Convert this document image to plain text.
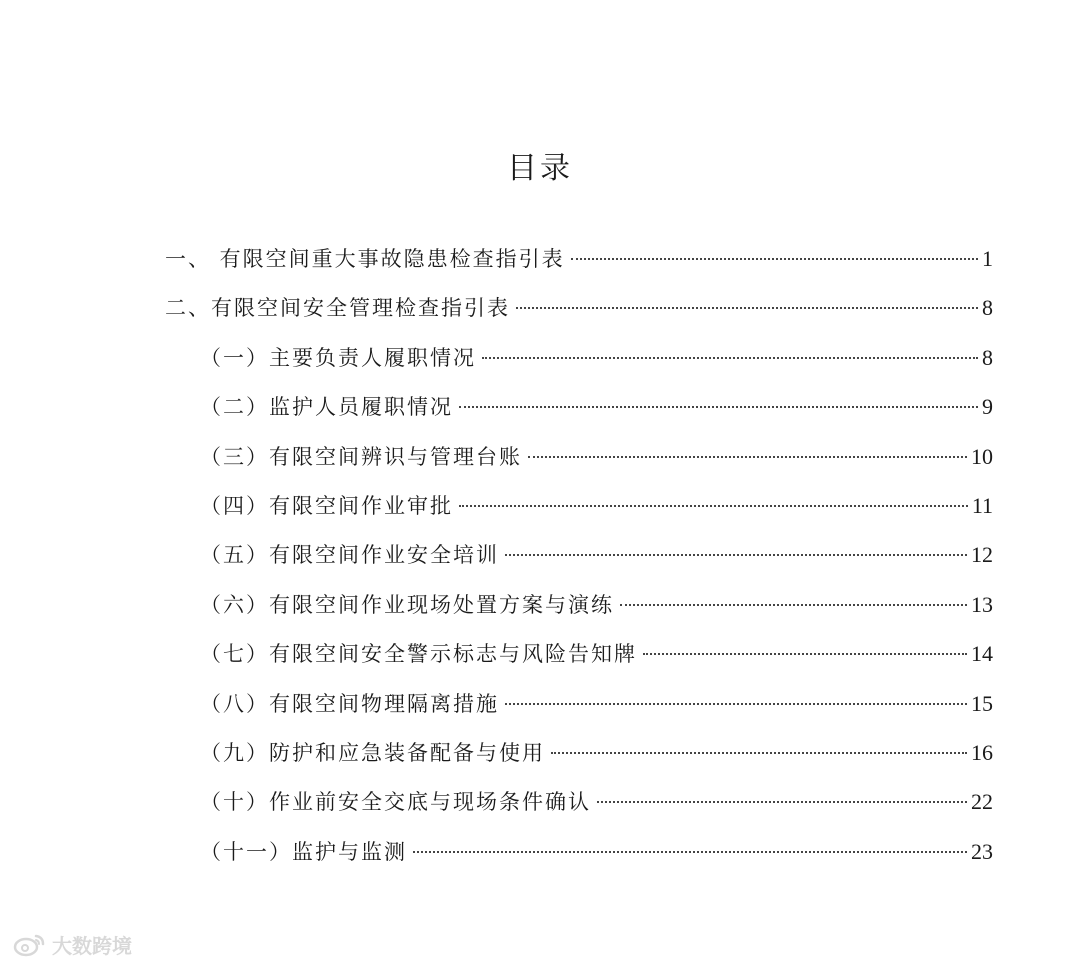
目录
一、 有限空间重大事故隐患检查指引表	1
二、有限空间安全管理检查指引表	8
（一）主要负责人履职情况	8
（二）监护人员履职情况	9
（三）有限空间辨识与管理台账	10
（四）有限空间作业审批	11
（五）有限空间作业安全培训	12
（六）有限空间作业现场处置方案与演练	13
（七）有限空间安全警示标志与风险告知牌	14
（八）有限空间物理隔离措施	15
（九）防护和应急装备配备与使用	16
（十）作业前安全交底与现场条件确认	22
（十一）监护与监测	23
大数跨境
